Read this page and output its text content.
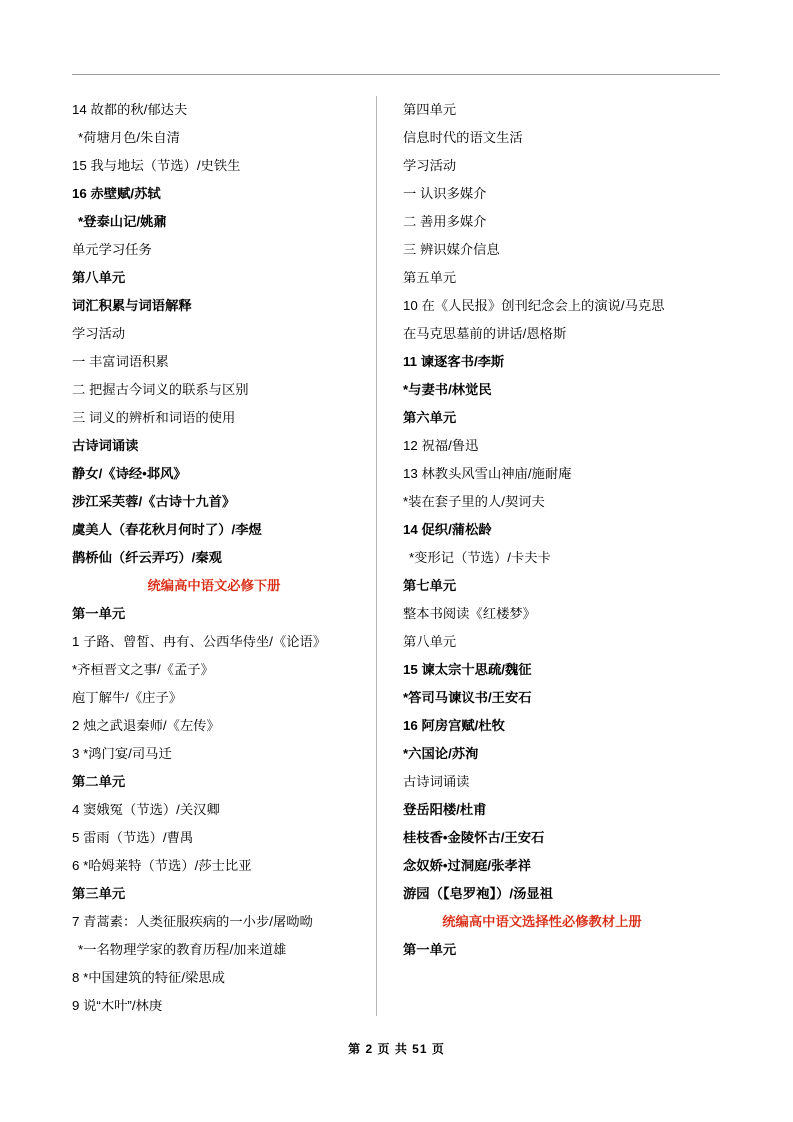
14 故都的秋/郁达夫
*荷塘月色/朱自清
15 我与地坛（节选）/史铁生
16 赤壁赋/苏轼
*登泰山记/姚鼐
单元学习任务
第八单元
词汇积累与词语解释
学习活动
一 丰富词语积累
二 把握古今词义的联系与区别
三 词义的辨析和词语的使用
古诗词诵读
静女/《诗经•邶风》
涉江采芙蓉/《古诗十九首》
虞美人（春花秋月何时了）/李煜
鹊桥仙（纤云弄巧）/秦观
统编高中语文必修下册
第一单元
1 子路、曾皙、冉有、公西华侍坐/《论语》
*齐桓晋文之事/《孟子》
庖丁解牛/《庄子》
2 烛之武退秦师/《左传》
3 *鸿门宴/司马迁
第二单元
4 窦娥冤（节选）/关汉卿
5 雷雨（节选）/曹禺
6 *哈姆莱特（节选）/莎士比亚
第三单元
7 青蒿素：人类征服疾病的一小步/屠呦呦
*一名物理学家的教育历程/加来道雄
8 *中国建筑的特征/梁思成
9 说“木叶”/林庚
第四单元
信息时代的语文生活
学习活动
一 认识多媒介
二 善用多媒介
三 辨识媒介信息
第五单元
10 在《人民报》创刊纪念会上的演说/马克思
在马克思墓前的讲话/恩格斯
11 谏逐客书/李斯
*与妻书/林觉民
第六单元
12 祝福/鲁迅
13 林教头风雪山神庙/施耐庵
*装在套子里的人/契诃夫
14 促织/蒲松龄
*变形记（节选）/卡夫卡
第七单元
整本书阅读《红楼梦》
第八单元
15 谏太宗十思疏/魏征
*答司马谏议书/王安石
16 阿房宫赋/杜牧
*六国论/苏洵
古诗词诵读
登岳阳楼/杜甫
桂枝香•金陵怀古/王安石
念奴娇•过洞庭/张孝祥
游园（【皂罗袍】）/汤显祖
统编高中语文选择性必修教材上册
第一单元
第 2 页 共 51 页
